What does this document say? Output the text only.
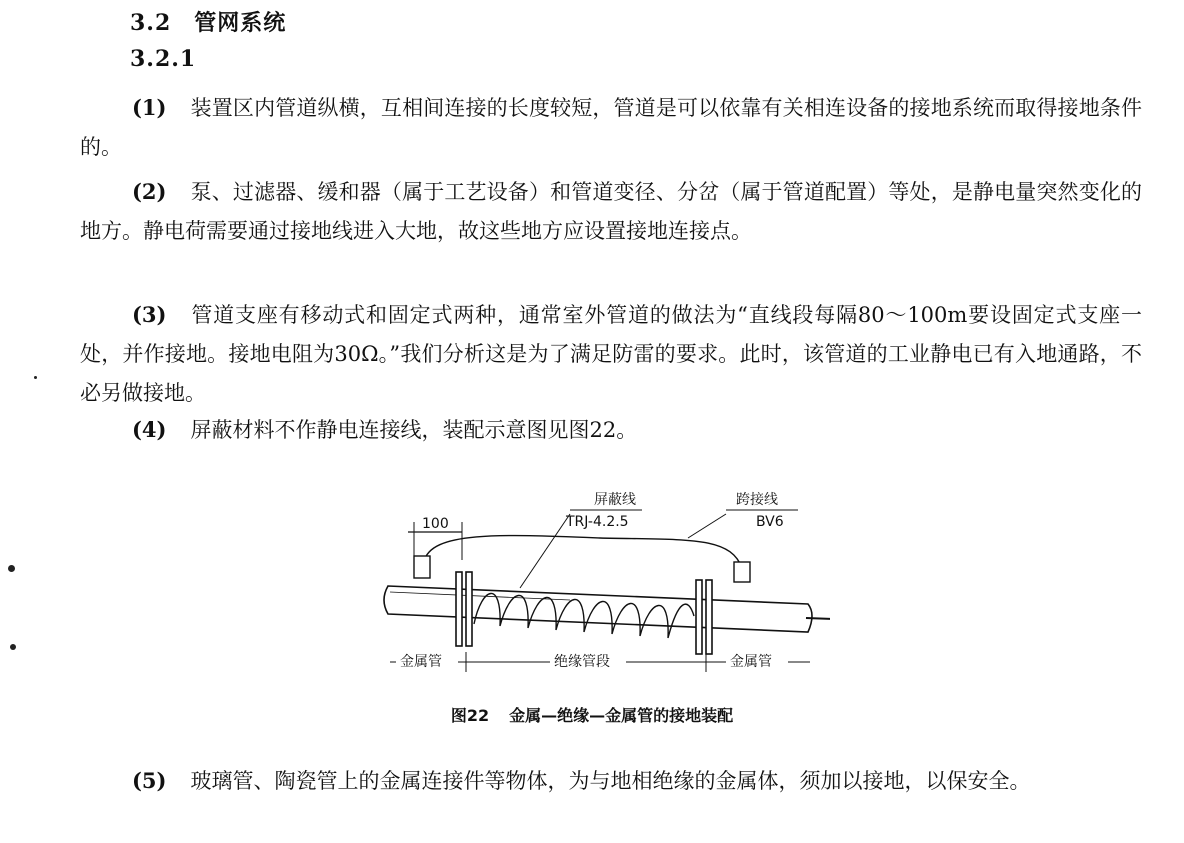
3.2　管网系统
3.2.1
(1) 装置区内管道纵横，互相间连接的长度较短，管道是可以依靠有关相连设备的接地系统而取得接地条件的。
(2) 泵、过滤器、缓和器（属于工艺设备）和管道变径、分岔（属于管道配置）等处，是静电量突然变化的地方。静电荷需要通过接地线进入大地，故这些地方应设置接地连接点。
(3) 管道支座有移动式和固定式两种，通常室外管道的做法为“直线段每隔80～100m要设固定式支座一处，并作接地。接地电阻为30Ω。”我们分析这是为了满足防雷的要求。此时，该管道的工业静电已有入地通路，不必另做接地。
(4) 屏蔽材料不作静电连接线，装配示意图见图22。
100
屏蔽线
TRJ-4.2.5
跨接线
BV6
金属管	绝缘管段	金属管
图22 金属—绝缘—金属管的接地装配
(5) 玻璃管、陶瓷管上的金属连接件等物体，为与地相绝缘的金属体，须加以接地，以保安全。
